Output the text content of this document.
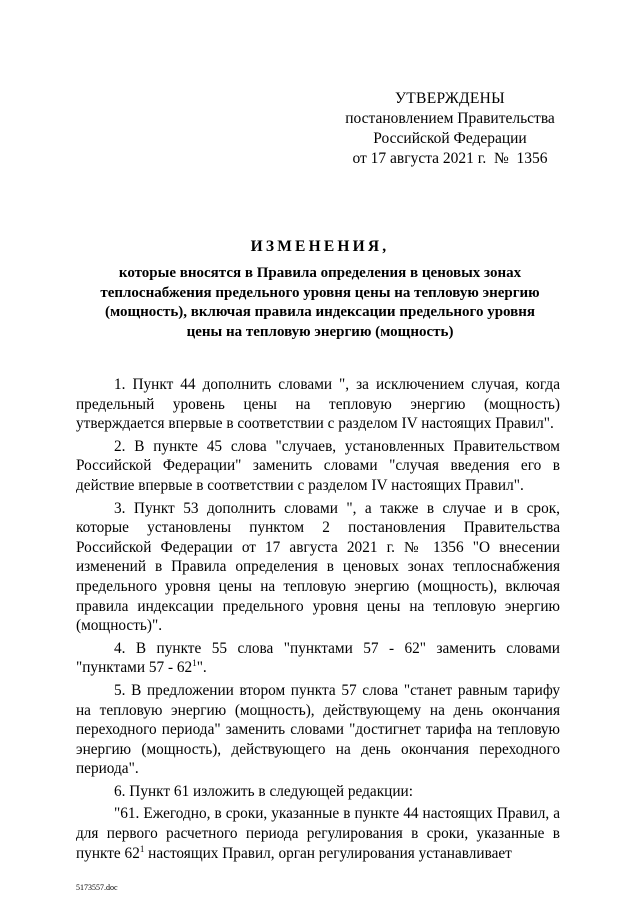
УТВЕРЖДЕНЫ
постановлением Правительства
Российской Федерации
от 17 августа 2021 г.  №  1356
ИЗМЕНЕНИЯ,
которые вносятся в Правила определения в ценовых зонах
теплоснабжения предельного уровня цены на тепловую энергию
(мощность), включая правила индексации предельного уровня
цены на тепловую энергию (мощность)

1. Пункт 44 дополнить словами ", за исключением случая, когда предельный уровень цены на тепловую энергию (мощность) утверждается впервые в соответствии с разделом IV настоящих Правил".

2. В пункте 45 слова "случаев, установленных Правительством Российской Федерации" заменить словами "случая введения его в действие впервые в соответствии с разделом IV настоящих Правил".

3. Пункт 53 дополнить словами ", а также в случае и в срок, которые установлены пунктом 2 постановления Правительства Российской Федерации от 17 августа 2021 г. № 1356 "О внесении изменений в Правила определения в ценовых зонах теплоснабжения предельного уровня цены на тепловую энергию (мощность), включая правила индексации предельного уровня цены на тепловую энергию (мощность)".

4. В пункте 55 слова "пунктами 57 - 62" заменить словами "пунктами $57 - 62^1$".

5. В предложении втором пункта 57 слова "станет равным тарифу на тепловую энергию (мощность), действующему на день окончания переходного периода" заменить словами "достигнет тарифа на тепловую энергию (мощность), действующего на день окончания переходного периода".

6. Пункт 61 изложить в следующей редакции:

"61. Ежегодно, в сроки, указанные в пункте 44 настоящих Правил, а для первого расчетного периода регулирования в сроки, указанные в пункте $62^1$ настоящих Правил, орган регулирования устанавливает

5173557.doc
